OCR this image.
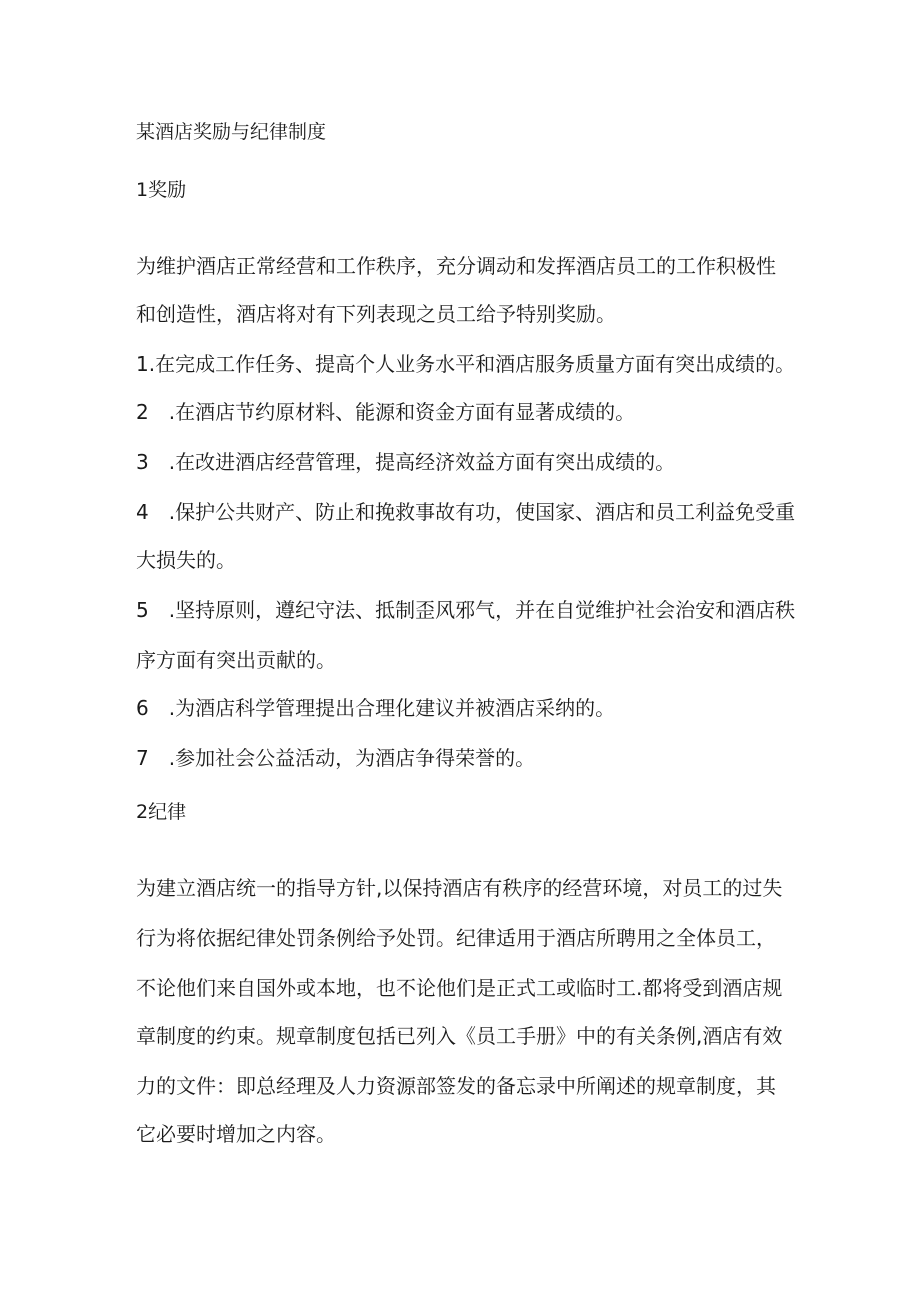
某酒店奖励与纪律制度
1奖励
为维护酒店正常经营和工作秩序，充分调动和发挥酒店员工的工作积极性
和创造性，酒店将对有下列表现之员工给予特别奖励。
1.在完成工作任务、提高个人业务水平和酒店服务质量方面有突出成绩的。
2　.在酒店节约原材料、能源和资金方面有显著成绩的。
3　.在改进酒店经营管理，提高经济效益方面有突出成绩的。
4　.保护公共财产、防止和挽救事故有功，使国家、酒店和员工利益免受重
大损失的。
5　.坚持原则，遵纪守法、抵制歪风邪气，并在自觉维护社会治安和酒店秩
序方面有突出贡献的。
6　.为酒店科学管理提出合理化建议并被酒店采纳的。
7　.参加社会公益活动，为酒店争得荣誉的。
2纪律
为建立酒店统一的指导方针,以保持酒店有秩序的经营环境，对员工的过失
行为将依据纪律处罚条例给予处罚。纪律适用于酒店所聘用之全体员工，
不论他们来自国外或本地，也不论他们是正式工或临时工.都将受到酒店规
章制度的约束。规章制度包括已列入《员工手册》中的有关条例,酒店有效
力的文件：即总经理及人力资源部签发的备忘录中所阐述的规章制度，其
它必要时增加之内容。
